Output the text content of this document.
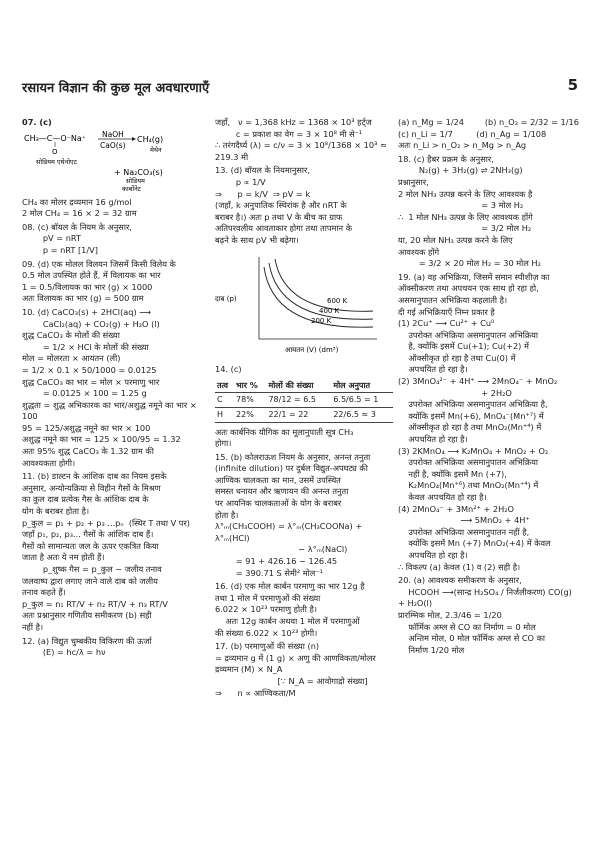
रसायन विज्ञान की कुछ मूल अवधारणाएँ	5
07. (c)
CH₃—C—O⁻Na⁺
O
NaOH
CaO(s)
CH₄(g)
मेथेन
सोडियम एथेनोएट
+ Na₂CO₃(s)
सोडियम
कार्बोनेट
CH₄ का मोलर द्रव्यमान 16 g/mol
2 मोल CH₄ = 16 × 2 = 32 ग्राम
08. (c) बॉयल के नियम के अनुसार,
pV = nRT
p = nRT [1/V]
09. (d) एक मोलल विलयन जिसमें किसी विलेय के
0.5 मोल उपस्थित होते हैं, में विलायक का भार
1 = 0.5/विलायक का भार (g) × 1000
अतः विलायक का भार (g) = 500 ग्राम
10. (d) CaCO₃(s) + 2HCl(aq) ⟶
CaCl₂(aq) + CO₂(g) + H₂O (l)
शुद्ध CaCO₃ के मोलों की संख्या
= 1/2 × HCl के मोलों की संख्या
मोल = मोलरता × आयतन (ली)
= 1/2 × 0.1 × 50/1000 = 0.0125
शुद्ध CaCO₃ का भार = मोल × परमाणु भार
= 0.0125 × 100 = 1.25 g
शुद्धता = शुद्ध अभिकारक का भार/अशुद्ध नमूने का भार × 100
95 = 125/अशुद्ध नमूने का भार × 100
अशुद्ध नमूने का भार = 125 × 100/95 = 1.32
अतः 95% शुद्ध CaCO₃ के 1.32 ग्राम की
आवश्यकता होगी।
11. (b) डाल्टन के आंशिक दाब का नियम इसके
अनुसार, अन्योन्यक्रिया से विहीन गैसों के मिश्रण
का कुल दाब प्रत्येक गैस के आंशिक दाब के
योग के बराबर होता है।
p_कुल = p₁ + p₂ + p₃ ...pₙ  (स्थिर T तथा V पर)
जहाँ p₁, p₂, p₃... गैसों के आंशिक दाब हैं।
गैसों को सामान्यतः जल के ऊपर एकत्रित किया
जाता है अतः ये नम होती हैं।
p_शुष्क गैस = p_कुल − जलीय तनाव
जलवाष्प द्वारा लगाए जाने वाले दाब को जलीय
तनाव कहते हैं।
p_कुल = n₁ RT/V + n₂ RT/V + n₃ RT/V
अतः प्रश्नानुसार गणितीय समीकरण (b) सही
नहीं है।
12. (a) विद्युत चुम्बकीय विकिरण की ऊर्जा
(E) = hc/λ = hν
जहाँ,   ν = 1,368 kHz = 1368 × 10³ हर्ट्ज
c = प्रकाश का वेग = 3 × 10⁸ मी से⁻¹
∴ तरंगदैर्घ्य (λ) = c/ν = 3 × 10⁸/1368 × 10³ ≈ 219.3 मी
13. (d) बॉयल के नियमानुसार,
p ∝ 1/V
⇒      p = k/V  ⇒ pV = k
(जहाँ, k अनुपातिक स्थिरांक है और nRT के
बराबर है।) अतः p तथा V के बीच का ग्राफ
अतिपरवलीय आवताकार होगा तथा तापमान के
बढ़ने के साथ pV भी बढ़ेगा।
600 K
400 K
200 K
आयतन (V) (dm³)
दाब (p)
14. (c)
तत्व	भार %	मोलों की संख्या	मोल अनुपात
C	78%	78/12 = 6.5	6.5/6.5 = 1
H	22%	22/1 = 22	22/6.5 ≈ 3
अतः कार्बनिक यौगिक का मूलानुपाती सूत्र CH₃
होगा।
15. (b) कोलराऊश नियम के अनुसार, अनन्त तनुता
(infinite dilution) पर दुर्बल विद्युत-अपघट्य की
आण्विक चालकता का मान, उसमें उपस्थित
समस्त धनायन और ऋणायन की अनन्त तनुता
पर आयनिक चालकताओं के योग के बराबर
होता है।
λ°ₘ(CH₃COOH) = λ°ₘ(CH₃COONa) + λ°ₘ(HCl)
− λ°ₘ(NaCl)
= 91 + 426.16 − 126.45
= 390.71 S सेमी² मोल⁻¹
16. (d) एक मोल कार्बन परमाणु का भार 12g है
तथा 1 मोल में परमाणुओं की संख्या
6.022 × 10²³ परमाणु होती है।
अतः 12g कार्बन अथवा 1 मोल में परमाणुओं
की संख्या 6.022 × 10²³ होगी।
17. (b) परमाणुओं की संख्या (n)
= द्रव्यमान g में (1 g) × अणु की आणविकता/मोलर द्रव्यमान (M) × N_A
[∵ N_A = आवोगाद्रो संख्या]
⇒      n ∝ आण्विकता/M
(a) n_Mg = 1/24        (b) n_O₂ = 2/32 = 1/16
(c) n_Li = 1/7         (d) n_Ag = 1/108
अतः n_Li > n_O₂ > n_Mg > n_Ag
18. (c) हैबर प्रक्रम के अनुसार,
N₂(g) + 3H₂(g) ⇌ 2NH₃(g)
प्रश्नानुसार,
2 मोल NH₃ उत्पन्न करने के लिए आवश्यक है
= 3 मोल H₂
∴  1 मोल NH₃ उत्पन्न के लिए आवश्यक होंगे
= 3/2 मोल H₂
या, 20 मोल NH₃ उत्पन्न करने के लिए
आवश्यक होंगे
= 3/2 × 20 मोल H₂ = 30 मोल H₂
19. (a) वह अभिक्रिया, जिसमें समान स्पीशीज़ का
ऑक्सीकरण तथा अपचयन एक साथ हो रहा हो,
असमानुपातन अभिक्रिया कहलाती है।
दी गई अभिक्रियाएँ निम्न प्रकार है
(1) 2Cu⁺ ⟶ Cu²⁺ + Cu⁰
उपरोक्त अभिक्रिया असमानुपातन अभिक्रिया
है, क्योंकि इसमें Cu(+1); Cu(+2) में
ऑक्सीकृत हो रहा है तथा Cu(0) में
अपचयित हो रहा है।
(2) 3MnO₄²⁻ + 4H⁺ ⟶ 2MnO₄⁻ + MnO₂
+ 2H₂O
उपरोक्त अभिक्रिया असमानुपातन अभिक्रिया है,
क्योंकि इसमें Mn(+6), MnO₄⁻(Mn⁺⁷) में
ऑक्सीकृत हो रहा है तथा MnO₂(Mn⁺⁴) में
अपचयित हो रहा है।
(3) 2KMnO₄ ⟶ K₂MnO₄ + MnO₂ + O₂
उपरोक्त अभिक्रिया असमानुपातन अभिक्रिया
नहीं है, क्योंकि इसमें Mn (+7),
K₂MnO₄(Mn⁺⁶) तथा MnO₂(Mn⁺⁴) में
केवल अपचयित हो रहा है।
(4) 2MnO₄⁻ + 3Mn²⁺ + 2H₂O
⟶ 5MnO₂ + 4H⁺
उपरोक्त अभिक्रिया असमानुपातन नहीं है,
क्योंकि इसमें Mn (+7) MnO₂(+4) में केवल
अपचयित हो रहा है।
∴ विकल्प (a) केवल (1) व (2) सही है।
20. (a) आवश्यक समीकरण के अनुसार,
HCOOH ⟶(सान्द्र H₂SO₄ / निर्जलीकरण) CO(g) + H₂O(l)
प्रारम्भिक मोल, 2.3/46 = 1/20
फॉर्मिक अम्ल से CO का निर्माण = 0 मोल
अन्तिम मोल, 0 मोल फॉर्मिक अम्ल से CO का
निर्माण 1/20 मोल
